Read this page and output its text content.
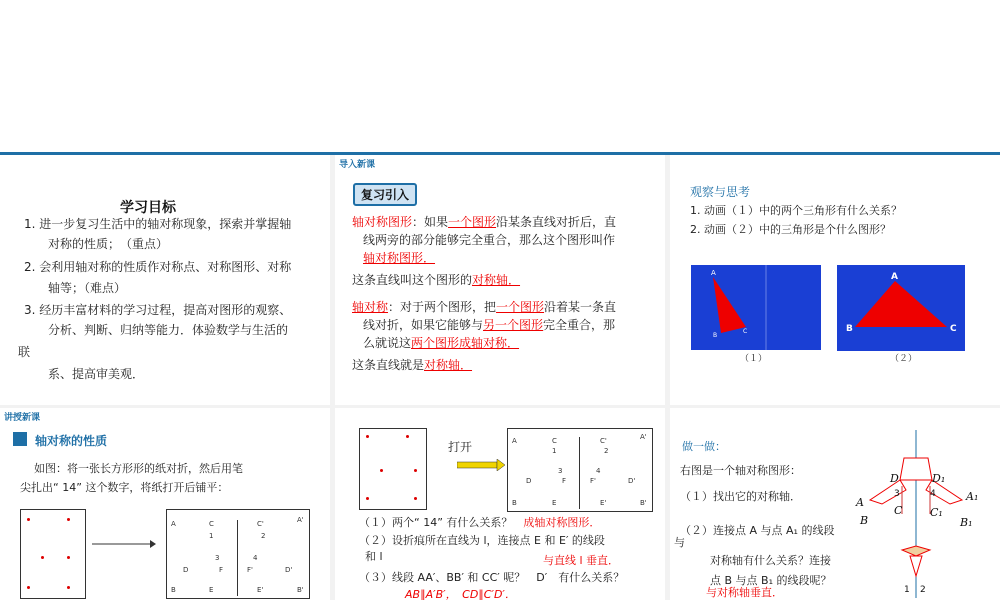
学习目标
1. 进一步复习生活中的轴对称现象，探索并掌握轴
对称的性质；　（重点）
2. 会利用轴对称的性质作对称点、对称图形、对称
轴等；（难点）
3. 经历丰富材料的学习过程，提高对图形的观察、
分析、判断、归纳等能力．体验数学与生活的
联
系、提高审美观．
导入新课
复习引入
轴对称图形：如果一个图形沿某条直线对折后，直
线两旁的部分能够完全重合，那么这个图形叫作
轴对称图形．
这条直线叫这个图形的对称轴．
轴对称：对于两个图形，把一个图形沿着某一条直
线对折，如果它能够与另一个图形完全重合，那
么就说这两个图形成轴对称．
这条直线就是对称轴．
观察与思考
1. 动画（１）中的两个三角形有什么关系？
2. 动画（２）中的三角形是个什么图形？
A
B
C
（１）
A
B	C
（２）
讲授新课
轴对称的性质
如图：将一张长方形形的纸对折，然后用笔
尖扎出“ 14” 这个数字，将纸打开后铺平：
A	C	C'	A'
1	2
D
3
F
4
F'	D'
B	E	E'	B'
打开	A	C	C'	A'
1	2
D
3
F
4
F'	D'
B	E	E'	B'
（１）两个“ 14” 有什么关系？　 成轴对称图形．
（２）设折痕所在直线为 l，连接点 E 和 E′ 的线段
和 l	与直线 l 垂直．
（３）线段 AA′、BB′ 和 CC′ 呢？　D′　有什么关系？
AB∥A′B′，　CD∥C′D′．
做一做：
右图是一个轴对称图形：
（１）找出它的对称轴．
（２）连接点 A 与点 A₁ 的线段
与
对称轴有什么关系？连接
点 B 与点 B₁ 的线段呢？
与对称轴垂直．
D	D₁
A	A₁
3	4
B
C	C₁
B₁
1 2
